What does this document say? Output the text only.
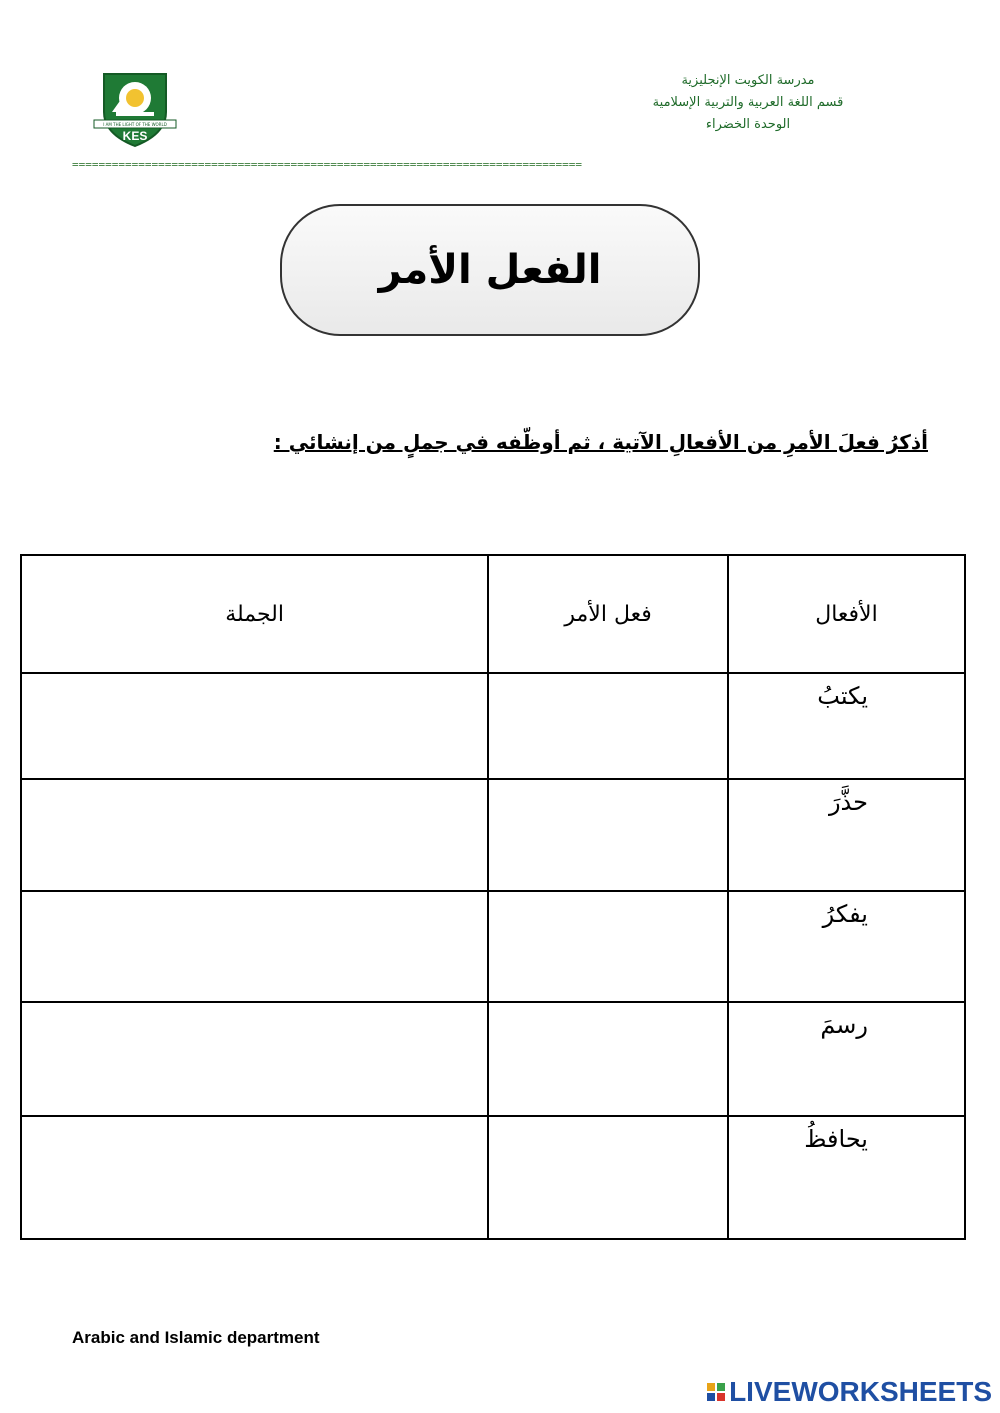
I AM THE LIGHT OF THE WORLD
KES
مدرسة الكويت الإنجليزية
قسم اللغة العربية والتربية الإسلامية
الوحدة الخضراء
=============================================================================
الفعل الأمر
أذكرُ فعلَ الأمرِ من الأفعالِ الآتية ، ثم أوظّفه في جملٍ من إنشائي :
الأفعال	فعل الأمر	الجملة
يكتبُ		
حذَّرَ		
يفكرُ		
رسمَ		
يحافظُ		
Arabic and Islamic department
LIVEWORKSHEETS
